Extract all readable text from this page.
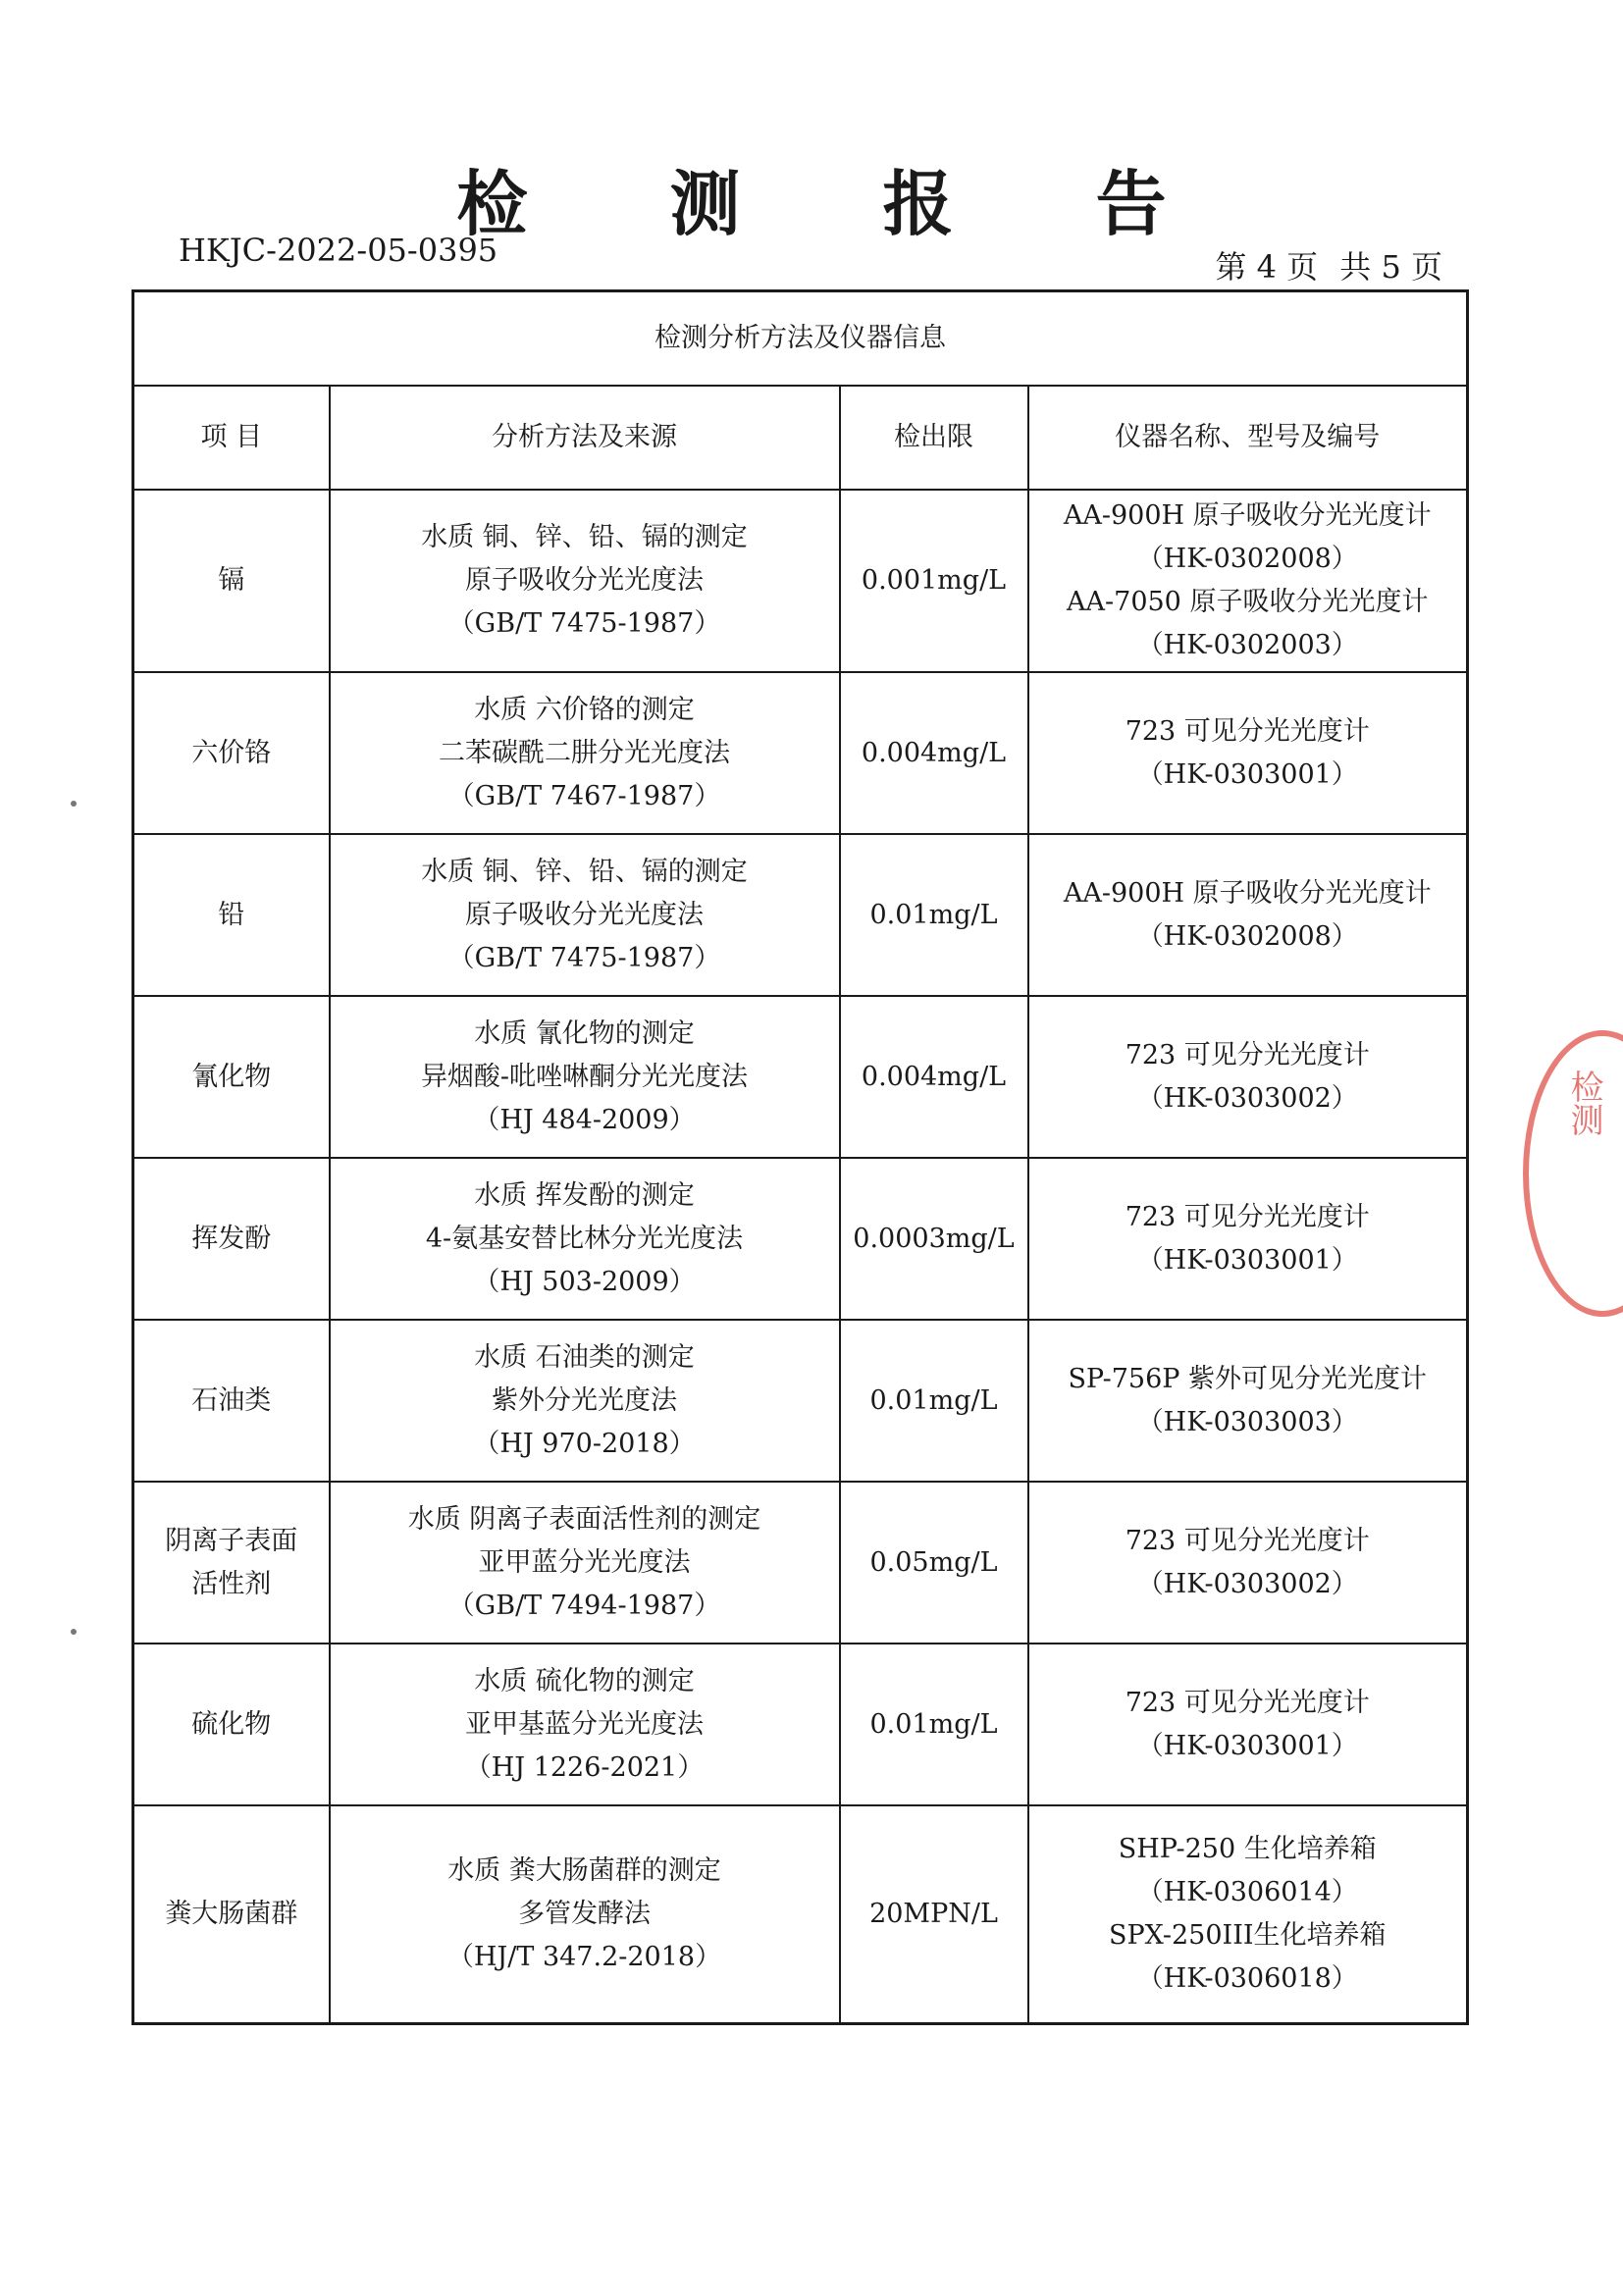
检 测 报 告
HKJC-2022-05-0395	第 4 页 共 5 页
检测分析方法及仪器信息			
项 目	分析方法及来源	检出限	仪器名称、型号及编号

镉	水质 铜、锌、铅、镉的测定
原子吸收分光光度法
（GB/T 7475-1987）	0.001mg/L	AA-900H 原子吸收分光光度计
（HK-0302008）
AA-7050 原子吸收分光光度计
（HK-0302003）

六价铬	水质 六价铬的测定
二苯碳酰二肼分光光度法
（GB/T 7467-1987）	0.004mg/L	723 可见分光光度计
（HK-0303001）

铅	水质 铜、锌、铅、镉的测定
原子吸收分光光度法
（GB/T 7475-1987）	0.01mg/L	AA-900H 原子吸收分光光度计
（HK-0302008）

氰化物	水质 氰化物的测定
异烟酸-吡唑啉酮分光光度法
（HJ 484-2009）	0.004mg/L	723 可见分光光度计
（HK-0303002）

挥发酚	水质 挥发酚的测定
4-氨基安替比林分光光度法
（HJ 503-2009）	0.0003mg/L	723 可见分光光度计
（HK-0303001）

石油类	水质 石油类的测定
紫外分光光度法
（HJ 970-2018）	0.01mg/L	SP-756P 紫外可见分光光度计
（HK-0303003）

阴离子表面
活性剂	水质 阴离子表面活性剂的测定
亚甲蓝分光光度法
（GB/T 7494-1987）	0.05mg/L	723 可见分光光度计
（HK-0303002）

硫化物	水质 硫化物的测定
亚甲基蓝分光光度法
（HJ 1226-2021）	0.01mg/L	723 可见分光光度计
（HK-0303001）

粪大肠菌群	水质 粪大肠菌群的测定
多管发酵法
（HJ/T 347.2-2018）	20MPN/L	SHP-250 生化培养箱
（HK-0306014）
SPX-250III生化培养箱
（HK-0306018）
检测
